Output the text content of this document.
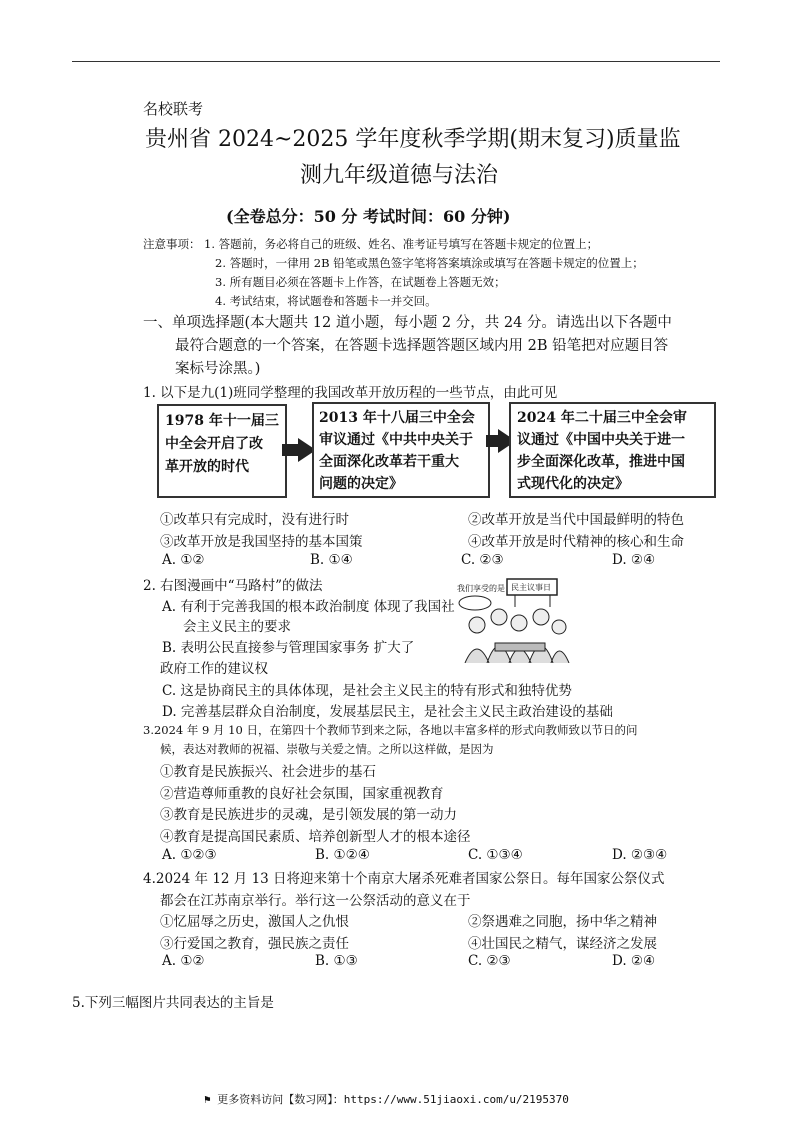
名校联考
贵州省 2024~2025 学年度秋季学期(期末复习)质量监
测九年级道德与法治
(全卷总分：50 分 考试时间：60 分钟)
注意事项： 1. 答题前，务必将自己的班级、姓名、准考证号填写在答题卡规定的位置上；
2. 答题时，一律用 2B 铅笔或黑色签字笔将答案填涂或填写在答题卡规定的位置上；
3. 所有题目必须在答题卡上作答，在试题卷上答题无效；
4. 考试结束，将试题卷和答题卡一并交回。
一、单项选择题(本大题共 12 道小题，每小题 2 分，共 24 分。请选出以下各题中
最符合题意的一个答案，在答题卡选择题答题区域内用 2B 铅笔把对应题目答
案标号涂黑。)
1. 以下是九(1)班同学整理的我国改革开放历程的一些节点，由此可见
1978 年十一届三
中全会开启了改
革开放的时代
2013 年十八届三中全会
审议通过《中共中央关于
全面深化改革若干重大
问题的决定》
2024 年二十届三中全会审
议通过《中国中央关于进一
步全面深化改革，推进中国
式现代化的决定》
①改革只有完成时，没有进行时	②改革开放是当代中国最鲜明的特色
③改革开放是我国坚持的基本国策	④改革开放是时代精神的核心和生命
A. ①②	B. ①④	C. ②③	D. ②④
2. 右图漫画中“马路村”的做法	我们享受的是 民主议事日
A. 有利于完善我国的根本政治制度 体现了我国社
会主义民主的要求
B. 表明公民直接参与管理国家事务 扩大了
政府工作的建议权
C. 这是协商民主的具体体现，是社会主义民主的特有形式和独特优势
D. 完善基层群众自治制度，发展基层民主，是社会主义民主政治建设的基础
3.2024 年 9 月 10 日，在第四十个教师节到来之际，各地以丰富多样的形式向教师致以节日的问
候，表达对教师的祝福、崇敬与关爱之情。之所以这样做，是因为
①教育是民族振兴、社会进步的基石
②营造尊师重教的良好社会氛围，国家重视教育
③教育是民族进步的灵魂，是引领发展的第一动力
④教育是提高国民素质、培养创新型人才的根本途径
A. ①②③	B. ①②④	C. ①③④	D. ②③④
4.2024 年 12 月 13 日将迎来第十个南京大屠杀死难者国家公祭日。每年国家公祭仪式
都会在江苏南京举行。举行这一公祭活动的意义在于
①忆屈辱之历史，激国人之仇恨	②祭遇难之同胞，扬中华之精神
③行爱国之教育，强民族之责任	④壮国民之精气，谋经济之发展
A. ①②	B. ①③	C. ②③	D. ②④
5.下列三幅图片共同表达的主旨是
⚑ 更多资料访问【数习网】：https://www.51jiaoxi.com/u/2195370
